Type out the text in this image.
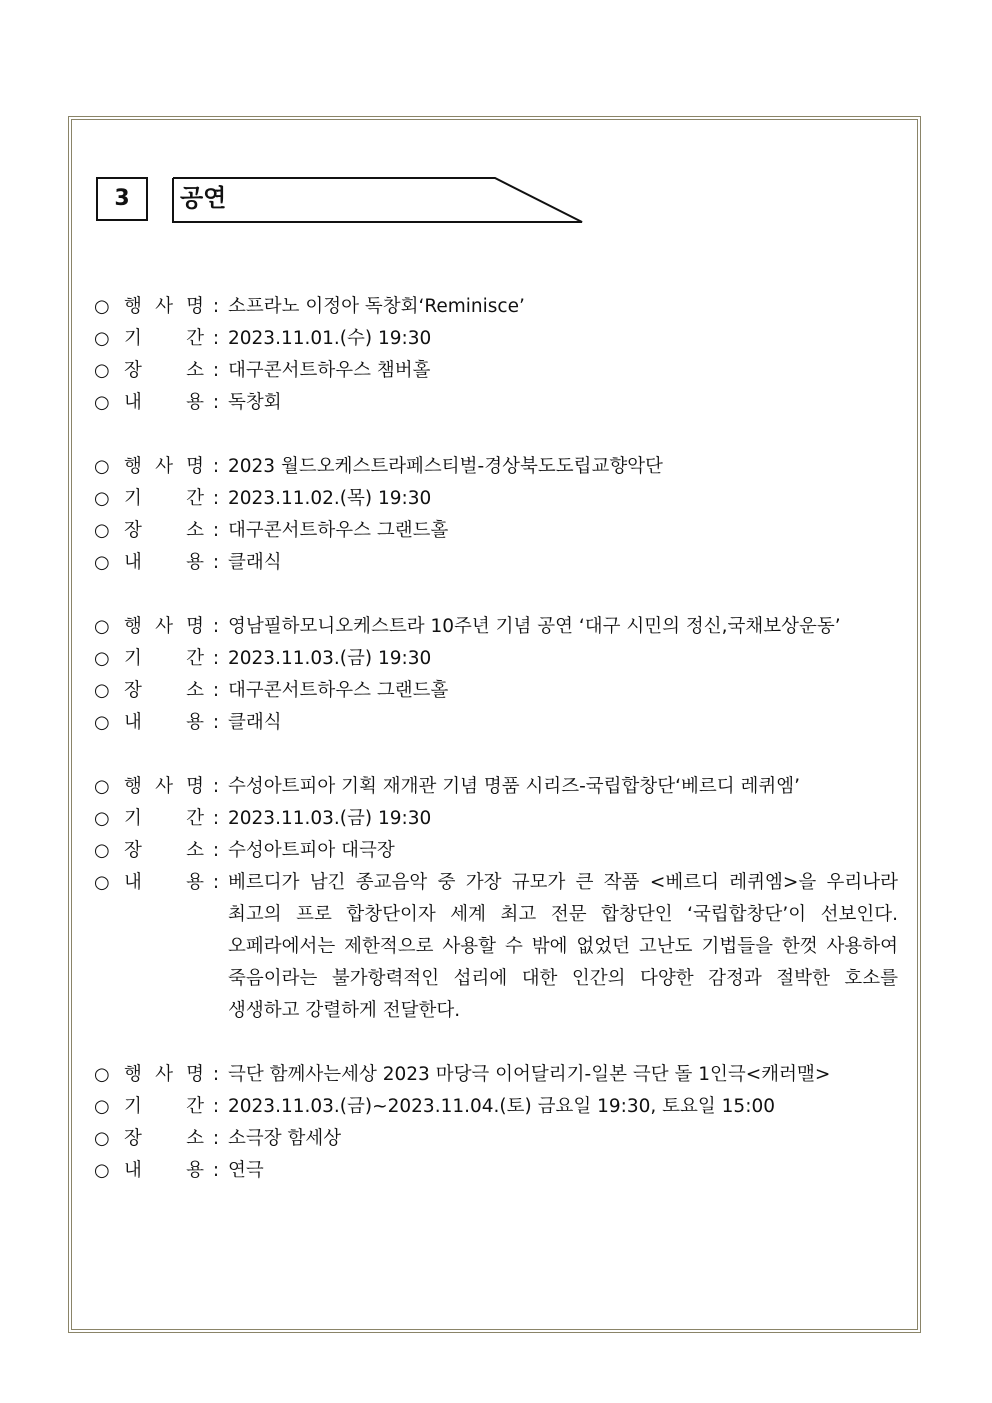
3	공연
○ 행 사 명 : 소프라노 이정아 독창회‘Reminisce’
○ 기 간 : 2023.11.01.(수) 19:30
○ 장 소 : 대구콘서트하우스 챔버홀
○ 내 용 : 독창회
○ 행 사 명 : 2023 월드오케스트라페스티벌-경상북도도립교향악단
○ 기 간 : 2023.11.02.(목) 19:30
○ 장 소 : 대구콘서트하우스 그랜드홀
○ 내 용 : 클래식
○ 행 사 명 : 영남필하모니오케스트라 10주년 기념 공연 ‘대구 시민의 정신,국채보상운동’
○ 기 간 : 2023.11.03.(금) 19:30
○ 장 소 : 대구콘서트하우스 그랜드홀
○ 내 용 : 클래식
○ 행 사 명 : 수성아트피아 기획 재개관 기념 명품 시리즈-국립합창단‘베르디 레퀴엠’
○ 기 간 : 2023.11.03.(금) 19:30
○ 장 소 : 수성아트피아 대극장
○ 내 용 : 베르디가 남긴 종교음악 중 가장 규모가 큰 작품 <베르디 레퀴엠>을 우리나라 최고의 프로 합창단이자 세계 최고 전문 합창단인 ‘국립합창단’이 선보인다. 오페라에서는 제한적으로 사용할 수 밖에 없었던 고난도 기법들을 한껏 사용하여 죽음이라는 불가항력적인 섭리에 대한 인간의 다양한 감정과 절박한 호소를 생생하고 강렬하게 전달한다.
○ 행 사 명 : 극단 함께사는세상 2023 마당극 이어달리기-일본 극단 돌 1인극<캐러맬>
○ 기 간 : 2023.11.03.(금)~2023.11.04.(토) 금요일 19:30, 토요일 15:00
○ 장 소 : 소극장 함세상
○ 내 용 : 연극
